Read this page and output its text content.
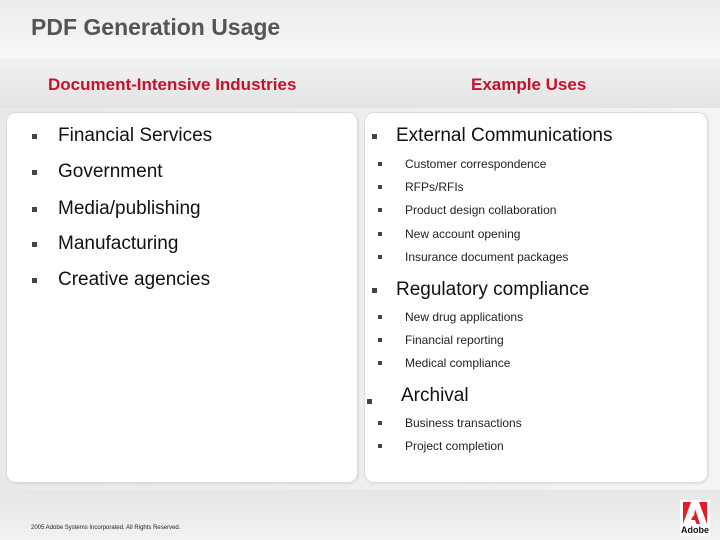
PDF Generation Usage
Document-Intensive Industries	Example Uses
Financial Services
Government
Media/publishing
Manufacturing
Creative agencies
External Communications
Customer correspondence
RFPs/RFIs
Product design collaboration
New account opening
Insurance document packages
Regulatory compliance
New drug applications
Financial reporting
Medical compliance
Archival
Business transactions
Project completion
2005 Adobe Systems Incorporated. All Rights Reserved.	Adobe
